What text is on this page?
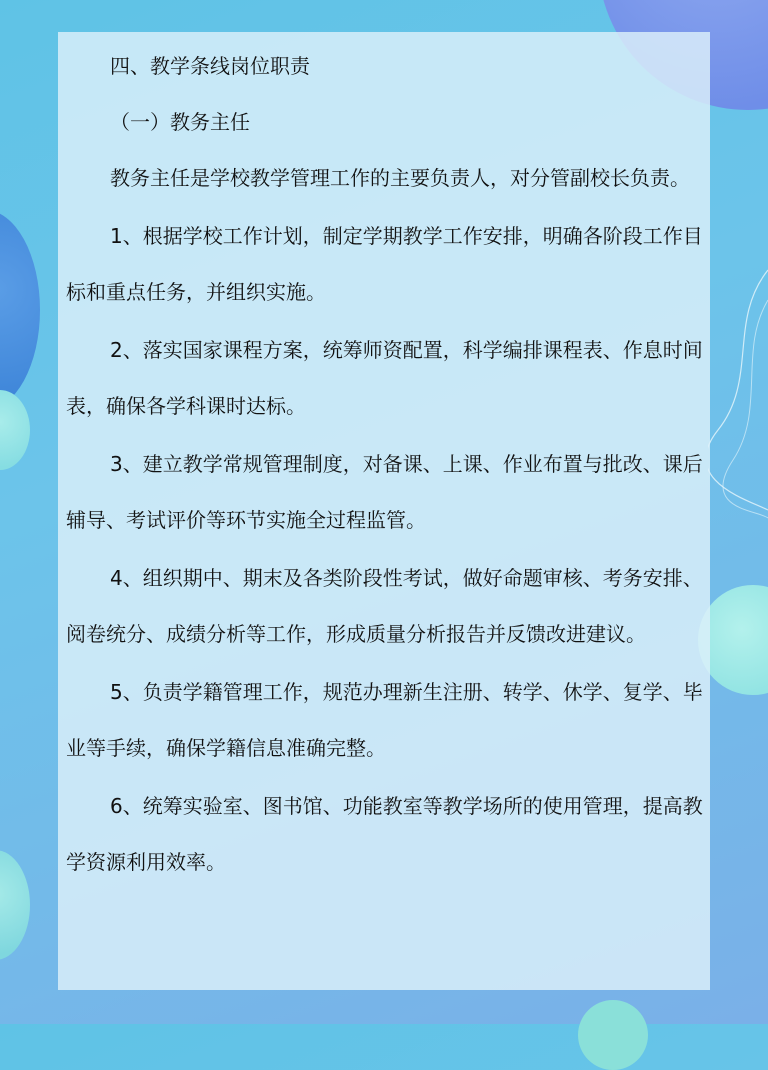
四、教学条线岗位职责

（一）教务主任

教务主任是学校教学管理工作的主要负责人，对分管副校长负责。

1、根据学校工作计划，制定学期教学工作安排，明确各阶段工作目标和重点任务，并组织实施。

2、落实国家课程方案，统筹师资配置，科学编排课程表、作息时间表，确保各学科课时达标。

3、建立教学常规管理制度，对备课、上课、作业布置与批改、课后辅导、考试评价等环节实施全过程监管。

4、组织期中、期末及各类阶段性考试，做好命题审核、考务安排、阅卷统分、成绩分析等工作，形成质量分析报告并反馈改进建议。

5、负责学籍管理工作，规范办理新生注册、转学、休学、复学、毕业等手续，确保学籍信息准确完整。

6、统筹实验室、图书馆、功能教室等教学场所的使用管理，提高教学资源利用效率。
